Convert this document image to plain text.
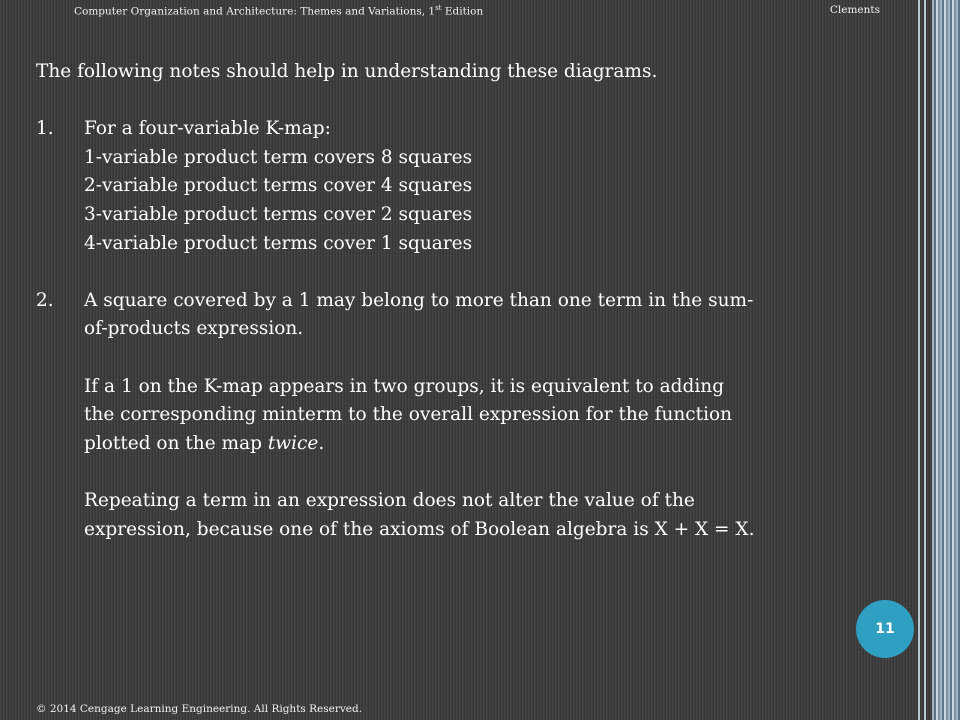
Computer Organization and Architecture: Themes and Variations, 1st Edition	Clements

The following notes should help in understanding these diagrams.

1. For a four-variable K-map:

1-variable product term covers 8 squares

2-variable product terms cover 4 squares

3-variable product terms cover 2 squares

4-variable product terms cover 1 squares

2. A square covered by a 1 may belong to more than one term in the sum-

of-products expression.

If a 1 on the K-map appears in two groups, it is equivalent to adding

the corresponding minterm to the overall expression for the function

plotted on the map twice.

Repeating a term in an expression does not alter the value of the

expression, because one of the axioms of Boolean algebra is X + X = X.

11
© 2014 Cengage Learning Engineering. All Rights Reserved.
